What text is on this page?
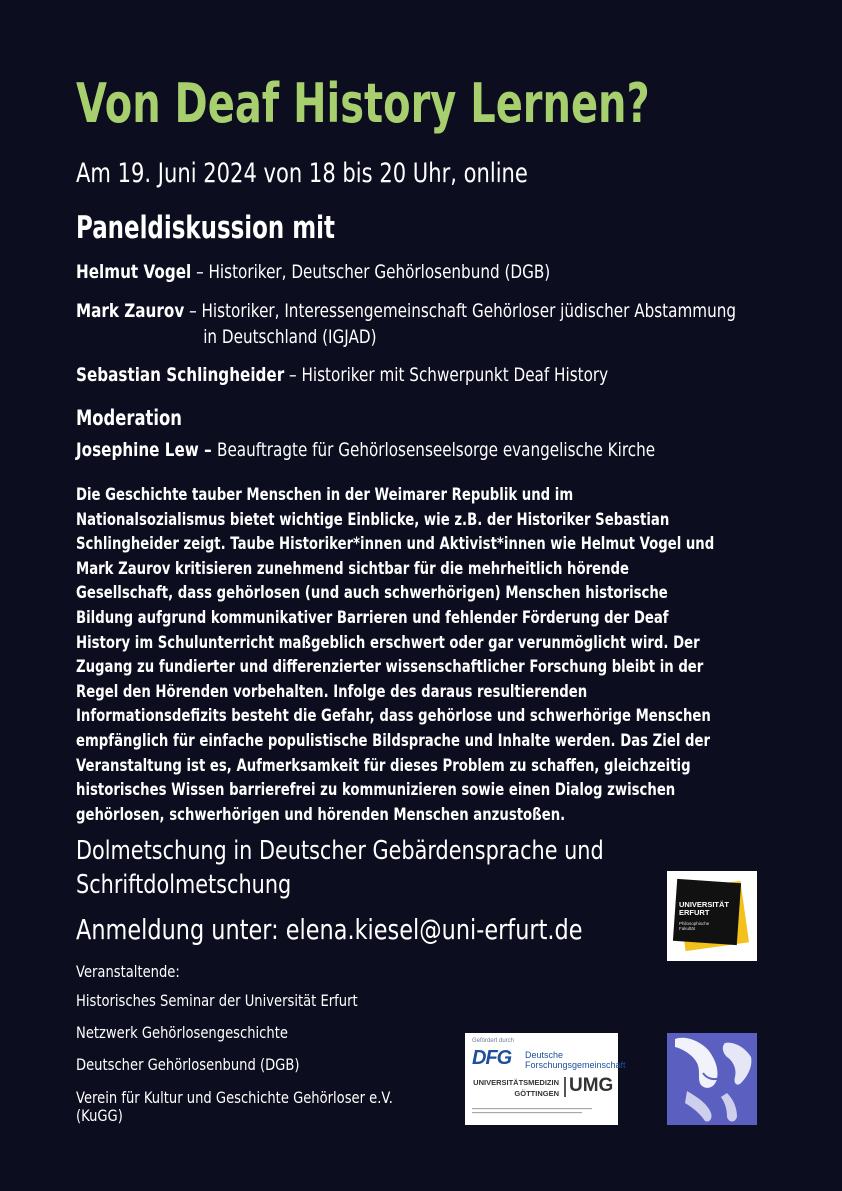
Von Deaf History Lernen?
Am 19. Juni 2024 von 18 bis 20 Uhr, online
Paneldiskussion mit
Helmut Vogel – Historiker, Deutscher Gehörlosenbund (DGB)
Mark Zaurov – Historiker, Interessengemeinschaft Gehörloser jüdischer Abstammung
in Deutschland (IGJAD)
Sebastian Schlingheider – Historiker mit Schwerpunkt Deaf History
Moderation
Josephine Lew – Beauftragte für Gehörlosenseelsorge evangelische Kirche
Die Geschichte tauber Menschen in der Weimarer Republik und im
Nationalsozialismus bietet wichtige Einblicke, wie z.B. der Historiker Sebastian
Schlingheider zeigt. Taube Historiker*innen und Aktivist*innen wie Helmut Vogel und
Mark Zaurov kritisieren zunehmend sichtbar für die mehrheitlich hörende
Gesellschaft, dass gehörlosen (und auch schwerhörigen) Menschen historische
Bildung aufgrund kommunikativer Barrieren und fehlender Förderung der Deaf
History im Schulunterricht maßgeblich erschwert oder gar verunmöglicht wird. Der
Zugang zu fundierter und differenzierter wissenschaftlicher Forschung bleibt in der
Regel den Hörenden vorbehalten. Infolge des daraus resultierenden
Informationsdefizits besteht die Gefahr, dass gehörlose und schwerhörige Menschen
empfänglich für einfache populistische Bildsprache und Inhalte werden. Das Ziel der
Veranstaltung ist es, Aufmerksamkeit für dieses Problem zu schaffen, gleichzeitig
historisches Wissen barrierefrei zu kommunizieren sowie einen Dialog zwischen
gehörlosen, schwerhörigen und hörenden Menschen anzustoßen.
Dolmetschung in Deutscher Gebärdensprache und
Schriftdolmetschung
Anmeldung unter: elena.kiesel@uni-erfurt.de
Veranstaltende:
Historisches Seminar der Universität Erfurt
Netzwerk Gehörlosengeschichte
Deutscher Gehörlosenbund (DGB)
Verein für Kultur und Geschichte Gehörloser e.V.
(KuGG)
UNIVERSITÄT
ERFURT
Philosophische
Fakultät
Gefördert durch
DFG Deutsche
Forschungsgemeinschaft
UNIVERSITÄTSMEDIZIN
GÖTTINGEN UMG
